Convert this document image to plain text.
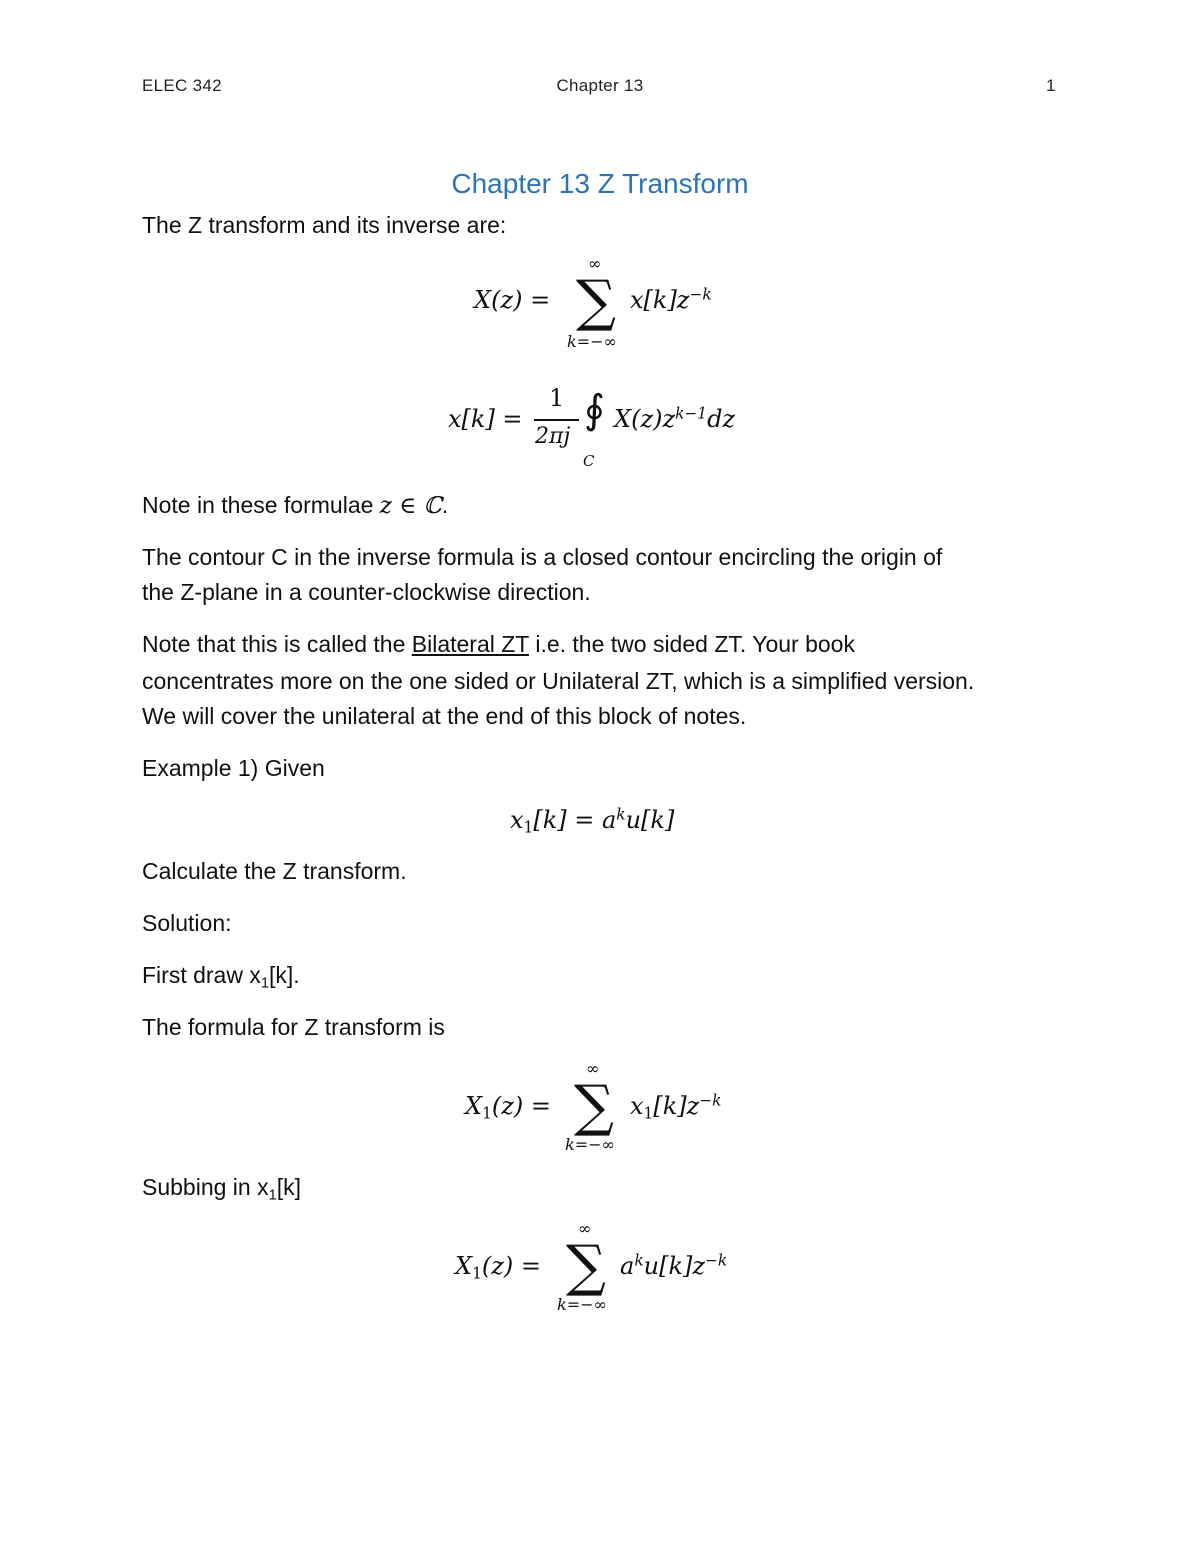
ELEC 342	Chapter 13	1
Chapter 13 Z Transform
The Z transform and its inverse are:
X(z) =
∞
∑
k=−∞
$x[k]z^{-k}$
x[k] =
1
2πj
∮
C
$X(z)z^{k-1}dz$
Note in these formulae z ∈ ℂ.
The contour C in the inverse formula is a closed contour encircling the origin of
the Z-plane in a counter-clockwise direction.
Note that this is called the Bilateral ZT i.e. the two sided ZT. Your book
concentrates more on the one sided or Unilateral ZT, which is a simplified version.
We will cover the unilateral at the end of this block of notes.
Example 1) Given
$x_1[k] = a^ku[k]$
Calculate the Z transform.
Solution:
First draw $x_1[k]$.
The formula for Z transform is
$X_1(z)$ =
∞
∑
k=−∞
$x_1[k]z^{-k}$
Subbing in $x_1[k]$
$X_1(z)$ =
∞
∑
k=−∞
$a^ku[k]z^{-k}$
